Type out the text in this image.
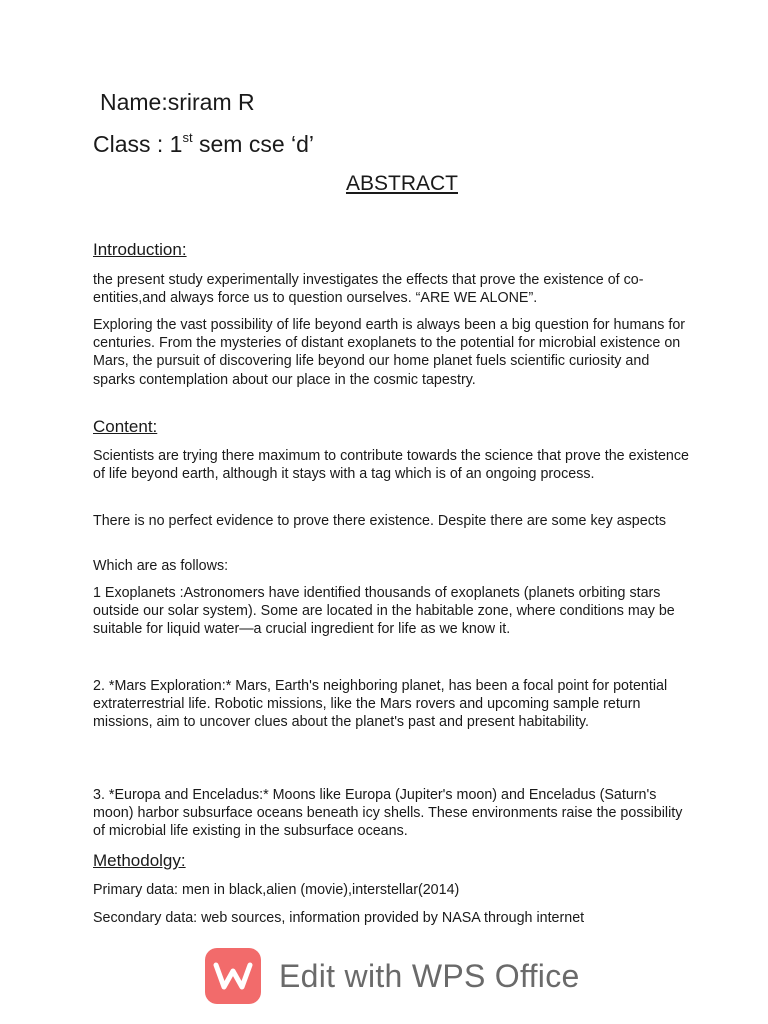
Name:sriram R
Class : 1st sem cse ‘d’
ABSTRACT
Introduction:
the present study experimentally investigates the effects that prove the existence of co-entities,and always force us to question ourselves. “ARE WE ALONE”.
Exploring the vast possibility of life beyond earth is always been a big question for humans for centuries. From the mysteries of distant exoplanets to the potential for microbial existence on Mars, the pursuit of discovering life beyond our home planet fuels scientific curiosity and sparks contemplation about our place in the cosmic tapestry.
Content:
Scientists are trying there maximum to contribute towards the science that prove the existence of life beyond earth, although it stays with a tag which is of an ongoing process.
There is no perfect evidence to prove there existence. Despite there are some key aspects
Which are as follows:
1 Exoplanets :Astronomers have identified thousands of exoplanets (planets orbiting stars outside our solar system). Some are located in the habitable zone, where conditions may be suitable for liquid water—a crucial ingredient for life as we know it.
2. *Mars Exploration:* Mars, Earth's neighboring planet, has been a focal point for potential extraterrestrial life. Robotic missions, like the Mars rovers and upcoming sample return missions, aim to uncover clues about the planet's past and present habitability.
3. *Europa and Enceladus:* Moons like Europa (Jupiter's moon) and Enceladus (Saturn's moon) harbor subsurface oceans beneath icy shells. These environments raise the possibility of microbial life existing in the subsurface oceans.
Methodolgy:
Primary data: men in black,alien (movie),interstellar(2014)
Secondary data: web sources, information provided by NASA through internet
Edit with WPS Office
